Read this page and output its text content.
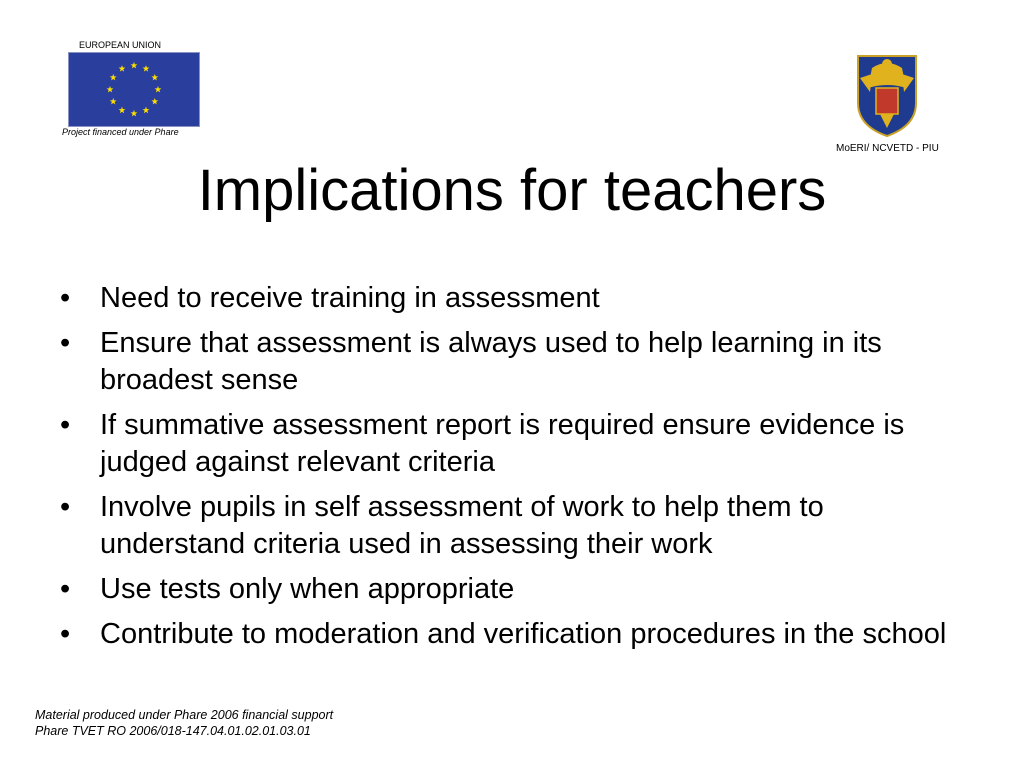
EUROPEAN UNION
Project financed under Phare
MoERI/ NCVETD - PIU
Implications for teachers
• Need to receive training in assessment
• Ensure that assessment is always used to help learning in its broadest sense
• If summative assessment report is required ensure evidence is judged against relevant criteria
• Involve pupils in self assessment of work to help them to understand criteria used in assessing their work
• Use tests only when appropriate
• Contribute to moderation and verification procedures in the school
Material produced under Phare 2006 financial support
Phare TVET RO 2006/018-147.04.01.02.01.03.01
